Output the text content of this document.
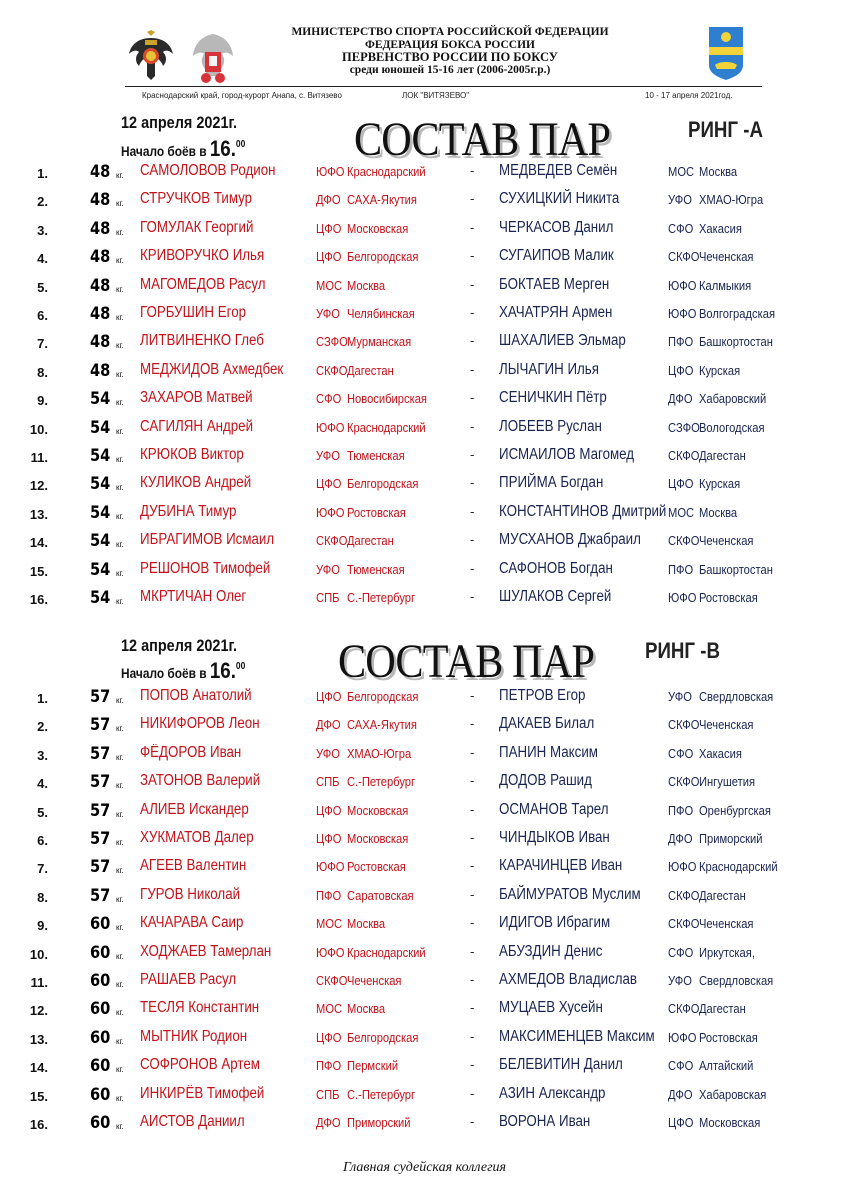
МИНИСТЕРСТВО СПОРТА РОССИЙСКОЙ ФЕДЕРАЦИИ
ФЕДЕРАЦИЯ БОКСА РОССИИ
ПЕРВЕНСТВО РОССИИ ПО БОКСУ
среди юношей 15-16 лет (2006-2005г.р.)
Краснодарский край, город-курорт Анапа, с. Витязево	ЛОК "ВИТЯЗЕВО"	10 - 17 апреля 2021год.
12 апреля 2021г.
Начало боёв в 16.00 СОСТАВ ПАР	РИНГ -А
1. 48 кг. САМОЛОВОВ Родион	ЮФО Краснодарский	- МЕДВЕДЕВ Семён	МОС Москва
2. 48 кг. СТРУЧКОВ Тимур	ДФО САХА-Якутия	- СУХИЦКИЙ Никита	УФО ХМАО-Югра
3. 48 кг. ГОМУЛАК Георгий	ЦФО Московская	- ЧЕРКАСОВ Данил	СФО Хакасия
4. 48 кг. КРИВОРУЧКО Илья	ЦФО Белгородская	- СУГАИПОВ Малик	СКФОЧеченская
5. 48 кг. МАГОМЕДОВ Расул	МОС Москва	- БОКТАЕВ Мерген	ЮФО Калмыкия
6. 48 кг. ГОРБУШИН Егор	УФО Челябинская	- ХАЧАТРЯН Армен	ЮФО Волгоградская
7. 48 кг. ЛИТВИНЕНКО Глеб	СЗФОМурманская	- ШАХАЛИЕВ Эльмар	ПФО Башкортостан
8. 48 кг. МЕДЖИДОВ Ахмедбек	СКФОДагестан	- ЛЫЧАГИН Илья	ЦФО Курская
9. 54 кг. ЗАХАРОВ Матвей	СФО Новосибирская	- СЕНИЧКИН Пётр	ДФО Хабаровский
10. 54 кг. САГИЛЯН Андрей	ЮФО Краснодарский	- ЛОБЕЕВ Руслан	СЗФОВологодская
11. 54 кг. КРЮКОВ Виктор	УФО Тюменская	- ИСМАИЛОВ Магомед	СКФОДагестан
12. 54 кг. КУЛИКОВ Андрей	ЦФО Белгородская	- ПРИЙМА Богдан	ЦФО Курская
13. 54 кг. ДУБИНА Тимур	ЮФО Ростовская	- КОНСТАНТИНОВ Дмитрий МОС Москва
14. 54 кг. ИБРАГИМОВ Исмаил	СКФОДагестан	- МУСХАНОВ Джабраил	СКФОЧеченская
15. 54 кг. РЕШОНОВ Тимофей	УФО Тюменская	- САФОНОВ Богдан	ПФО Башкортостан
16. 54 кг. МКРТИЧАН Олег	СПБ С.-Петербург	- ШУЛАКОВ Сергей	ЮФО Ростовская
12 апреля 2021г.
Начало боёв в 16.00 СОСТАВ ПАР РИНГ -В
1. 57 кг. ПОПОВ Анатолий	ЦФО Белгородская	- ПЕТРОВ Егор	УФО Свердловская
2. 57 кг. НИКИФОРОВ Леон	ДФО САХА-Якутия	- ДАКАЕВ Билал	СКФОЧеченская
3. 57 кг. ФЁДОРОВ Иван	УФО ХМАО-Югра	- ПАНИН Максим	СФО Хакасия
4. 57 кг. ЗАТОНОВ Валерий	СПБ С.-Петербург	- ДОДОВ Рашид	СКФОИнгушетия
5. 57 кг. АЛИЕВ Искандер	ЦФО Московская	- ОСМАНОВ Тарел	ПФО Оренбургская
6. 57 кг. ХУКМАТОВ Далер	ЦФО Московская	- ЧИНДЫКОВ Иван	ДФО Приморский
7. 57 кг. АГЕЕВ Валентин	ЮФО Ростовская	- КАРАЧИНЦЕВ Иван	ЮФО Краснодарский
8. 57 кг. ГУРОВ Николай	ПФО Саратовская	- БАЙМУРАТОВ Муслим	СКФОДагестан
9. 60 кг. КАЧАРАВА Саир	МОС Москва	- ИДИГОВ Ибрагим	СКФОЧеченская
10. 60 кг. ХОДЖАЕВ Тамерлан	ЮФО Краснодарский	- АБУЗДИН Денис	СФО Иркутская,
11. 60 кг. РАШАЕВ Расул	СКФОЧеченская	- АХМЕДОВ Владислав	УФО Свердловская
12. 60 кг. ТЕСЛЯ Константин	МОС Москва	- МУЦАЕВ Хусейн	СКФОДагестан
13. 60 кг. МЫТНИК Родион	ЦФО Белгородская	- МАКСИМЕНЦЕВ Максим	ЮФО Ростовская
14. 60 кг. СОФРОНОВ Артем	ПФО Пермский	- БЕЛЕВИТИН Данил	СФО Алтайский
15. 60 кг. ИНКИРЁВ Тимофей	СПБ С.-Петербург	- АЗИН Александр	ДФО Хабаровская
16. 60 кг. АИСТОВ Даниил	ДФО Приморский	- ВОРОНА Иван	ЦФО Московская
Главная судейская коллегия
